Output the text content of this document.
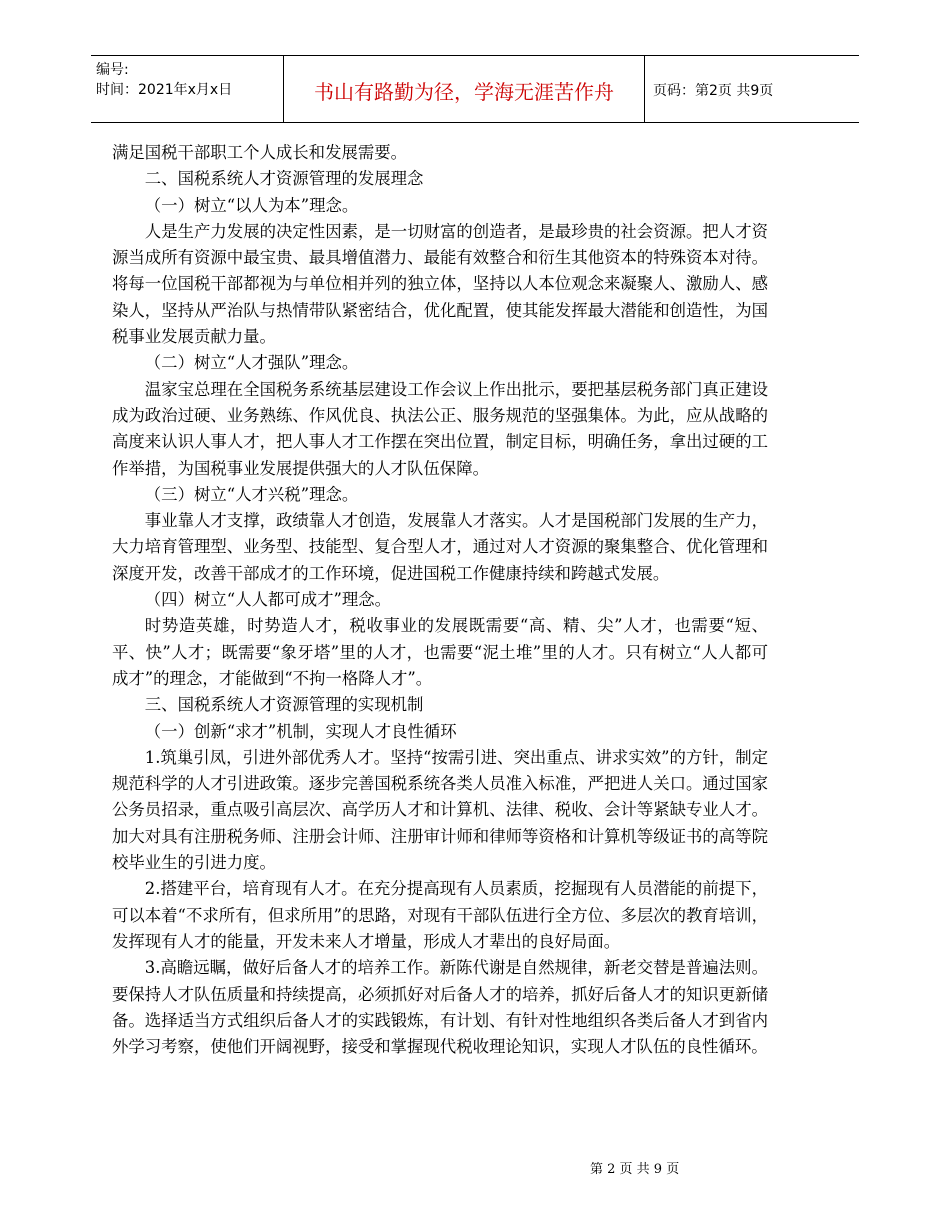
编号:
时间：2021年x月x日	书山有路勤为径，学海无涯苦作舟	页码：第2页 共9页

满足国税干部职工个人成长和发展需要。

二、国税系统人才资源管理的发展理念

（一）树立“以人为本”理念。

人是生产力发展的决定性因素，是一切财富的创造者，是最珍贵的社会资源。把人才资源当成所有资源中最宝贵、最具增值潜力、最能有效整合和衍生其他资本的特殊资本对待。将每一位国税干部都视为与单位相并列的独立体，坚持以人本位观念来凝聚人、激励人、感染人，坚持从严治队与热情带队紧密结合，优化配置，使其能发挥最大潜能和创造性，为国税事业发展贡献力量。

（二）树立“人才强队”理念。

温家宝总理在全国税务系统基层建设工作会议上作出批示，要把基层税务部门真正建设成为政治过硬、业务熟练、作风优良、执法公正、服务规范的坚强集体。为此，应从战略的高度来认识人事人才，把人事人才工作摆在突出位置，制定目标，明确任务，拿出过硬的工作举措，为国税事业发展提供强大的人才队伍保障。

（三）树立“人才兴税”理念。

事业靠人才支撑，政绩靠人才创造，发展靠人才落实。人才是国税部门发展的生产力，大力培育管理型、业务型、技能型、复合型人才，通过对人才资源的聚集整合、优化管理和深度开发，改善干部成才的工作环境，促进国税工作健康持续和跨越式发展。

（四）树立“人人都可成才”理念。

时势造英雄，时势造人才，税收事业的发展既需要“高、精、尖”人才，也需要“短、平、快”人才；既需要“象牙塔”里的人才，也需要“泥土堆”里的人才。只有树立“人人都可成才”的理念，才能做到“不拘一格降人才”。

三、国税系统人才资源管理的实现机制

（一）创新“求才”机制，实现人才良性循环

1.筑巢引凤，引进外部优秀人才。坚持“按需引进、突出重点、讲求实效”的方针，制定规范科学的人才引进政策。逐步完善国税系统各类人员准入标准，严把进人关口。通过国家公务员招录，重点吸引高层次、高学历人才和计算机、法律、税收、会计等紧缺专业人才。加大对具有注册税务师、注册会计师、注册审计师和律师等资格和计算机等级证书的高等院校毕业生的引进力度。

2.搭建平台，培育现有人才。在充分提高现有人员素质，挖掘现有人员潜能的前提下，可以本着“不求所有，但求所用”的思路，对现有干部队伍进行全方位、多层次的教育培训，发挥现有人才的能量，开发未来人才增量，形成人才辈出的良好局面。

3.高瞻远瞩，做好后备人才的培养工作。新陈代谢是自然规律，新老交替是普遍法则。要保持人才队伍质量和持续提高，必须抓好对后备人才的培养，抓好后备人才的知识更新储备。选择适当方式组织后备人才的实践锻炼，有计划、有针对性地组织各类后备人才到省内外学习考察，使他们开阔视野，接受和掌握现代税收理论知识，实现人才队伍的良性循环。

第 2 页 共 9 页
